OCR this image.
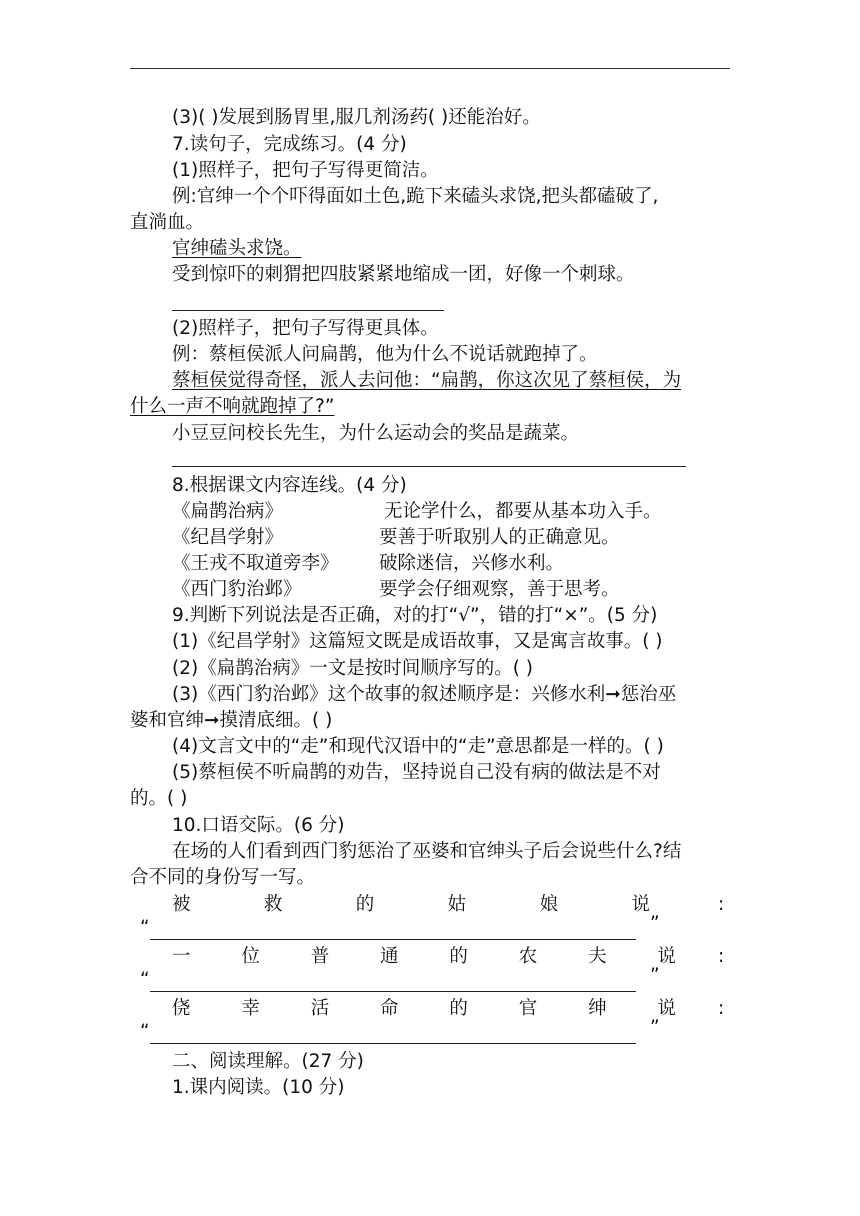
(3)( )发展到肠胃里,服几剂汤药( )还能治好。
7.读句子，完成练习。(4 分)
(1)照样子，把句子写得更简洁。
例:官绅一个个吓得面如土色,跪下来磕头求饶,把头都磕破了,
直淌血。
官绅磕头求饶。
受到惊吓的刺猬把四肢紧紧地缩成一团，好像一个刺球。
(2)照样子，把句子写得更具体。
例：蔡桓侯派人问扁鹊，他为什么不说话就跑掉了。
蔡桓侯觉得奇怪，派人去问他：“扁鹊，你这次见了蔡桓侯，为
什么一声不响就跑掉了?”
小豆豆问校长先生，为什么运动会的奖品是蔬菜。
8.根据课文内容连线。(4 分)
《扁鹊治病》	无论学什么，都要从基本功入手。
《纪昌学射》	要善于听取别人的正确意见。
《王戎不取道旁李》 破除迷信，兴修水利。
《西门豹治邺》	要学会仔细观察，善于思考。
9.判断下列说法是否正确，对的打“√”，错的打“×”。(5 分)
(1)《纪昌学射》这篇短文既是成语故事，又是寓言故事。( )
(2)《扁鹊治病》一文是按时间顺序写的。( )
(3)《西门豹治邺》这个故事的叙述顺序是：兴修水利➞惩治巫
婆和官绅➞摸清底细。( )
(4)文言文中的“走”和现代汉语中的“走”意思都是一样的。( )
(5)蔡桓侯不听扁鹊的劝告，坚持说自己没有病的做法是不对
的。( )
10.口语交际。(6 分)
在场的人们看到西门豹惩治了巫婆和官绅头子后会说些什么?结
合不同的身份写一写。
被	救	的	姑	娘	说	:
“	”
一	位	普	通	的	农	夫	说 :
“	”
侥	幸	活	命	的	官	绅	说 :
“	”
二、阅读理解。(27 分)
1.课内阅读。(10 分)
